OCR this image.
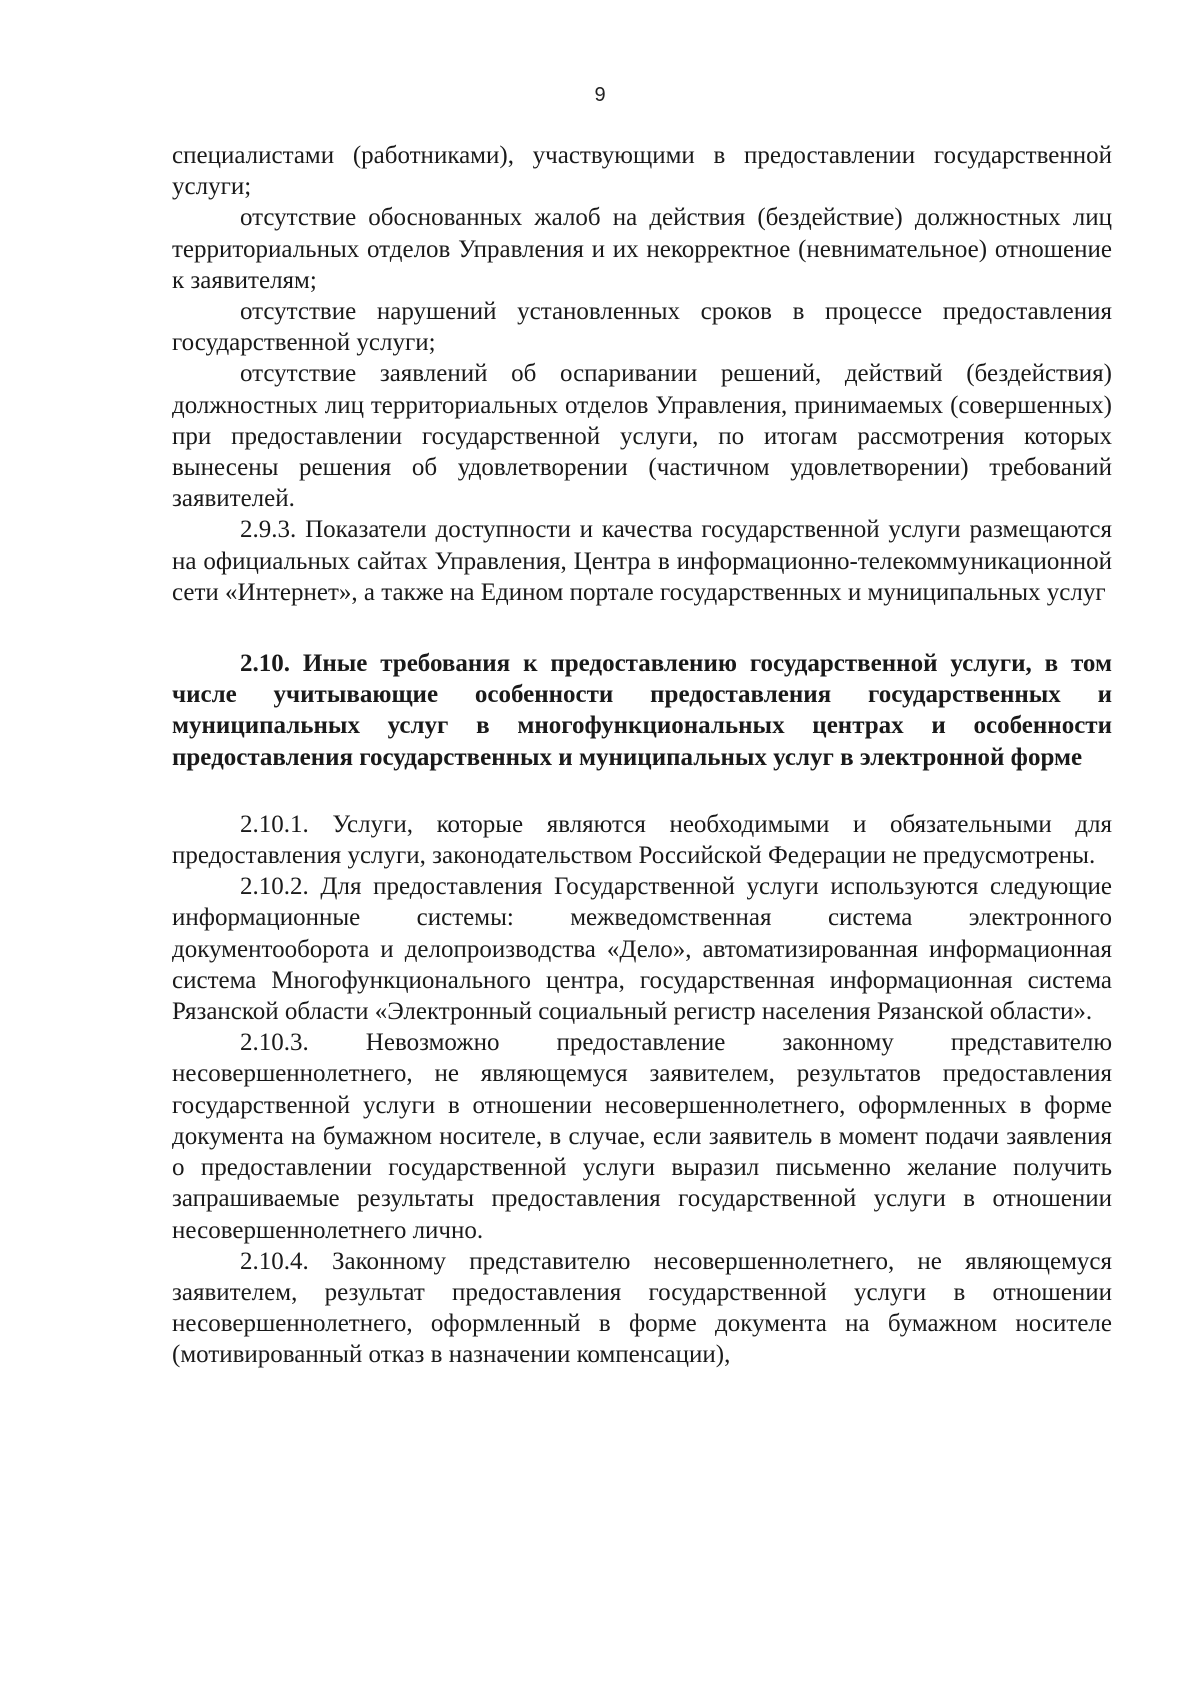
9

специалистами (работниками), участвующими в предоставлении государственной услуги;

отсутствие обоснованных жалоб на действия (бездействие) должностных лиц территориальных отделов Управления и их некорректное (невнимательное) отношение к заявителям;

отсутствие нарушений установленных сроков в процессе предоставления государственной услуги;

отсутствие заявлений об оспаривании решений, действий (бездействия) должностных лиц территориальных отделов Управления, принимаемых (совершенных) при предоставлении государственной услуги, по итогам рассмотрения которых вынесены решения об удовлетворении (частичном удовлетворении) требований заявителей.

2.9.3. Показатели доступности и качества государственной услуги размещаются на официальных сайтах Управления, Центра в информационно-телекоммуникационной сети «Интернет», а также на Едином портале государственных и муниципальных услуг

2.10. Иные требования к предоставлению государственной услуги, в том числе учитывающие особенности предоставления государственных и муниципальных услуг в многофункциональных центрах и особенности предоставления государственных и муниципальных услуг в электронной форме

2.10.1. Услуги, которые являются необходимыми и обязательными для предоставления услуги, законодательством Российской Федерации не предусмотрены.

2.10.2. Для предоставления Государственной услуги используются следующие информационные системы: межведомственная система электронного документооборота и делопроизводства «Дело», автоматизированная информационная система Многофункционального центра, государственная информационная система Рязанской области «Электронный социальный регистр населения Рязанской области».

2.10.3. Невозможно предоставление законному представителю несовершеннолетнего, не являющемуся заявителем, результатов предоставления государственной услуги в отношении несовершеннолетнего, оформленных в форме документа на бумажном носителе, в случае, если заявитель в момент подачи заявления о предоставлении государственной услуги выразил письменно желание получить запрашиваемые результаты предоставления государственной услуги в отношении несовершеннолетнего лично.

2.10.4. Законному представителю несовершеннолетнего, не являющемуся заявителем, результат предоставления государственной услуги в отношении несовершеннолетнего, оформленный в форме документа на бумажном носителе (мотивированный отказ в назначении компенсации),
